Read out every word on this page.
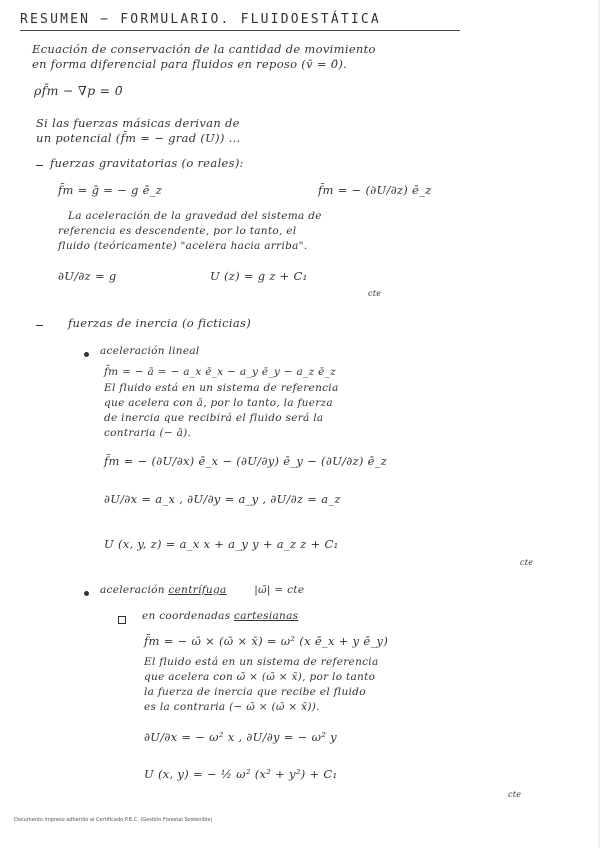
RESUMEN − FORMULARIO. FLUIDOESTÁTICA
Ecuación de conservación de la cantidad de movimiento
en forma diferencial para fluidos en reposo (v̄ = 0̄).
ρf̄m − ∇p = 0̄
Si las fuerzas másicas derivan de
un potencial (f̄m = − grad (U)) ...
fuerzas gravitatorias (o reales):
f̄m = ḡ = − g ē_z	f̄m = − (∂U/∂z) ē_z
La aceleración de la gravedad del sistema de
referencia es descendente, por lo tanto, el
fluido (teóricamente) "acelera hacia arriba".
∂U/∂z = g	U (z) = g z + C₁
cte
fuerzas de inercia (o ficticias)
aceleración lineal
f̄m = − ā = − a_x ē_x − a_y ē_y − a_z ē_z
El fluido está en un sistema de referencia
que acelera con ā, por lo tanto, la fuerza
de inercia que recibirá el fluido será la
contraria (− ā).
f̄m = − (∂U/∂x) ē_x − (∂U/∂y) ē_y − (∂U/∂z) ē_z
∂U/∂x = a_x , ∂U/∂y = a_y , ∂U/∂z = a_z
U (x, y, z) = a_x x + a_y y + a_z z + C₁
cte
aceleración centrífuga	|ω̄| = cte
en coordenadas cartesianas
f̄m = − ω̄ × (ω̄ × x̄) = ω² (x ē_x + y ē_y)
El fluido está en un sistema de referencia
que acelera con ω̄ × (ω̄ × x̄), por lo tanto
la fuerza de inercia que recibe el fluido
es la contraria (− ω̄ × (ω̄ × x̄)).
∂U/∂x = − ω² x , ∂U/∂y = − ω² y
U (x, y) = − ½ ω² (x² + y²) + C₁
cte
Documento impreso adherido al Certificado P.B.C. (Gestión Forestal Sostenible)
